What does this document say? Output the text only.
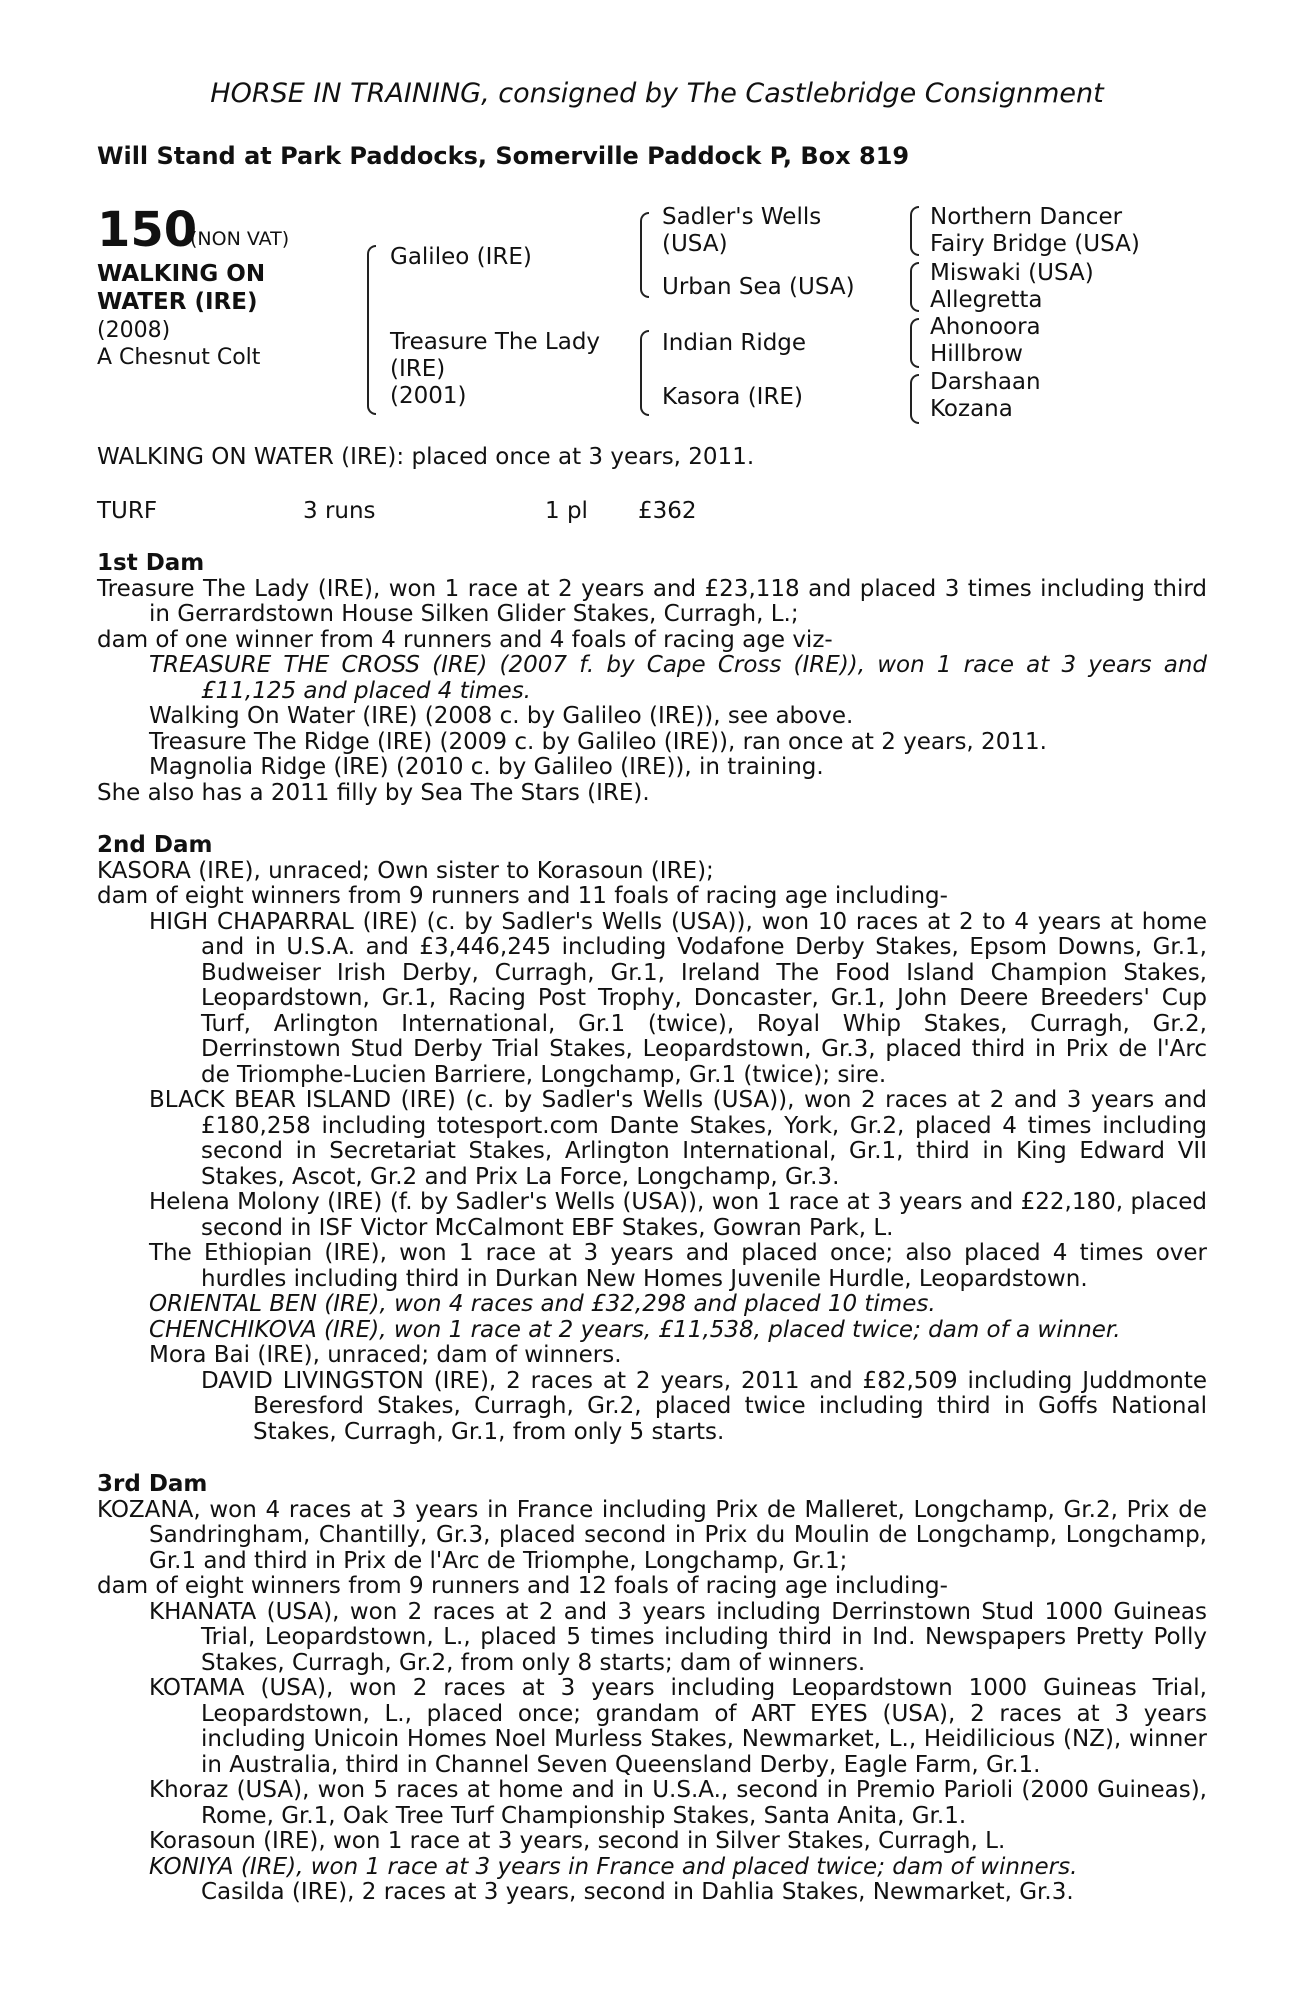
HORSE IN TRAINING, consigned by The Castlebridge Consignment
Will Stand at Park Paddocks, Somerville Paddock P, Box 819
150
(NON VAT)
WALKING ON
WATER (IRE)
(2008)
A Chesnut Colt
Galileo (IRE)
Treasure The Lady
(IRE)
(2001)
Sadler's Wells
(USA)
Urban Sea (USA)
Indian Ridge
Kasora (IRE)
Northern Dancer
Fairy Bridge (USA)
Miswaki (USA)
Allegretta
Ahonoora
Hillbrow
Darshaan
Kozana
WALKING ON WATER (IRE): placed once at 3 years, 2011.
TURF	3 runs	1 pl £362
1st Dam

Treasure The Lady (IRE), won 1 race at 2 years and £23,118 and placed 3 times including third in Gerrardstown House Silken Glider Stakes, Curragh, L.;

dam of one winner from 4 runners and 4 foals of racing age viz-

TREASURE THE CROSS (IRE) (2007 f. by Cape Cross (IRE)), won 1 race at 3 years and £11,125 and placed 4 times.

Walking On Water (IRE) (2008 c. by Galileo (IRE)), see above.

Treasure The Ridge (IRE) (2009 c. by Galileo (IRE)), ran once at 2 years, 2011.

Magnolia Ridge (IRE) (2010 c. by Galileo (IRE)), in training.

She also has a 2011 filly by Sea The Stars (IRE).

2nd Dam

KASORA (IRE), unraced; Own sister to Korasoun (IRE);

dam of eight winners from 9 runners and 11 foals of racing age including-

HIGH CHAPARRAL (IRE) (c. by Sadler's Wells (USA)), won 10 races at 2 to 4 years at home and in U.S.A. and £3,446,245 including Vodafone Derby Stakes, Epsom Downs, Gr.1, Budweiser Irish Derby, Curragh, Gr.1, Ireland The Food Island Champion Stakes, Leopardstown, Gr.1, Racing Post Trophy, Doncaster, Gr.1, John Deere Breeders' Cup Turf, Arlington International, Gr.1 (twice), Royal Whip Stakes, Curragh, Gr.2, Derrinstown Stud Derby Trial Stakes, Leopardstown, Gr.3, placed third in Prix de l'Arc de Triomphe-Lucien Barriere, Longchamp, Gr.1 (twice); sire.

BLACK BEAR ISLAND (IRE) (c. by Sadler's Wells (USA)), won 2 races at 2 and 3 years and £180,258 including totesport.com Dante Stakes, York, Gr.2, placed 4 times including second in Secretariat Stakes, Arlington International, Gr.1, third in King Edward VII Stakes, Ascot, Gr.2 and Prix La Force, Longchamp, Gr.3.

Helena Molony (IRE) (f. by Sadler's Wells (USA)), won 1 race at 3 years and £22,180, placed second in ISF Victor McCalmont EBF Stakes, Gowran Park, L.

The Ethiopian (IRE), won 1 race at 3 years and placed once; also placed 4 times over hurdles including third in Durkan New Homes Juvenile Hurdle, Leopardstown.

ORIENTAL BEN (IRE), won 4 races and £32,298 and placed 10 times.

CHENCHIKOVA (IRE), won 1 race at 2 years, £11,538, placed twice; dam of a winner.

Mora Bai (IRE), unraced; dam of winners.

DAVID LIVINGSTON (IRE), 2 races at 2 years, 2011 and £82,509 including Juddmonte Beresford Stakes, Curragh, Gr.2, placed twice including third in Goffs National Stakes, Curragh, Gr.1, from only 5 starts.

3rd Dam

KOZANA, won 4 races at 3 years in France including Prix de Malleret, Longchamp, Gr.2, Prix de Sandringham, Chantilly, Gr.3, placed second in Prix du Moulin de Longchamp, Longchamp, Gr.1 and third in Prix de l'Arc de Triomphe, Longchamp, Gr.1;

dam of eight winners from 9 runners and 12 foals of racing age including-

KHANATA (USA), won 2 races at 2 and 3 years including Derrinstown Stud 1000 Guineas Trial, Leopardstown, L., placed 5 times including third in Ind. Newspapers Pretty Polly Stakes, Curragh, Gr.2, from only 8 starts; dam of winners.

KOTAMA (USA), won 2 races at 3 years including Leopardstown 1000 Guineas Trial, Leopardstown, L., placed once; grandam of ART EYES (USA), 2 races at 3 years including Unicoin Homes Noel Murless Stakes, Newmarket, L., Heidilicious (NZ), winner in Australia, third in Channel Seven Queensland Derby, Eagle Farm, Gr.1.

Khoraz (USA), won 5 races at home and in U.S.A., second in Premio Parioli (2000 Guineas), Rome, Gr.1, Oak Tree Turf Championship Stakes, Santa Anita, Gr.1.

Korasoun (IRE), won 1 race at 3 years, second in Silver Stakes, Curragh, L.

KONIYA (IRE), won 1 race at 3 years in France and placed twice; dam of winners.

Casilda (IRE), 2 races at 3 years, second in Dahlia Stakes, Newmarket, Gr.3.
